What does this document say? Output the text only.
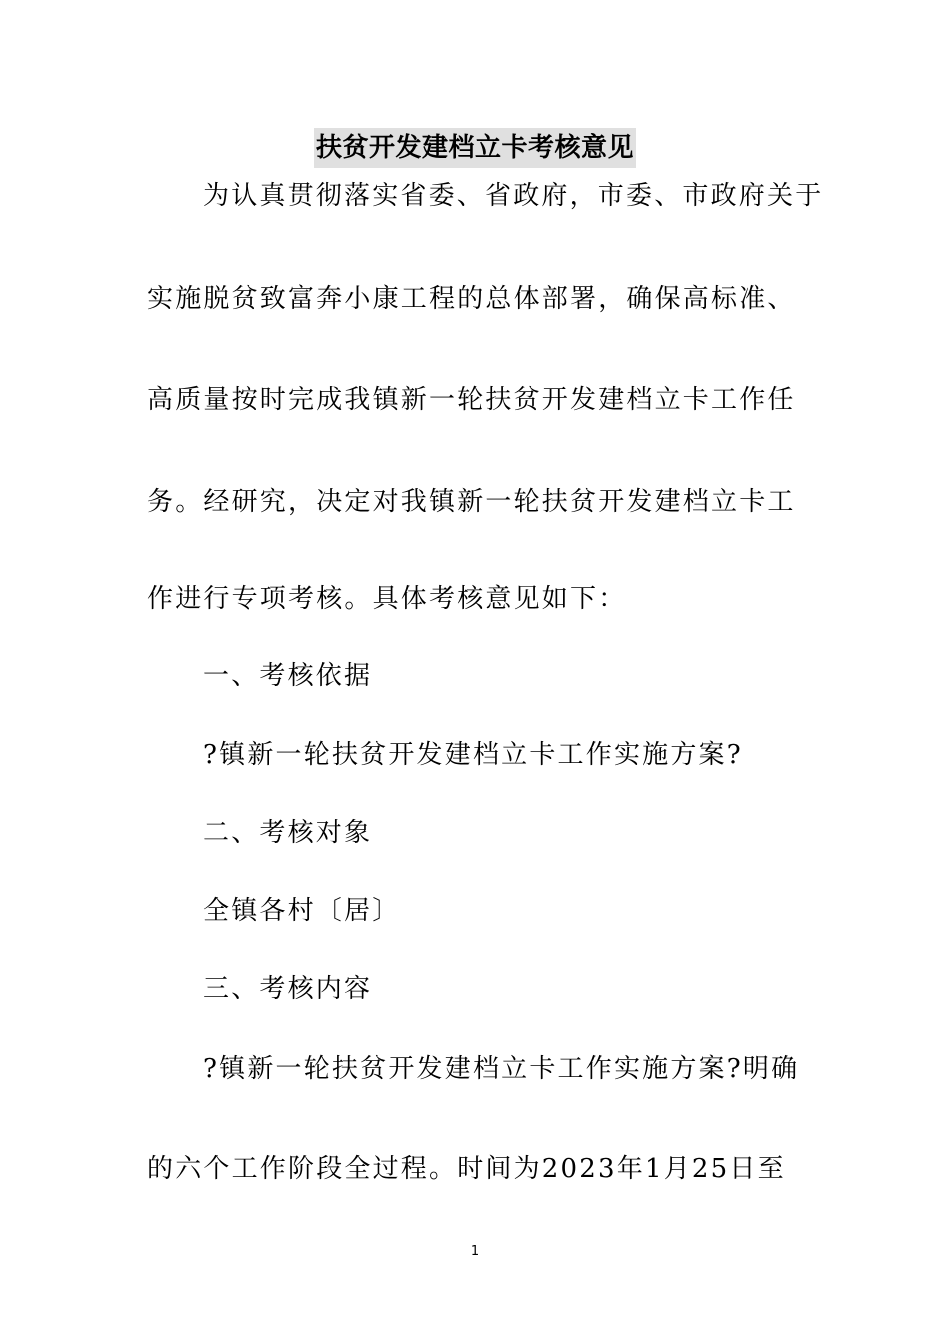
扶贫开发建档立卡考核意见
为认真贯彻落实省委、省政府，市委、市政府关于
实施脱贫致富奔小康工程的总体部署，确保高标准、
高质量按时完成我镇新一轮扶贫开发建档立卡工作任
务。经研究，决定对我镇新一轮扶贫开发建档立卡工
作进行专项考核。具体考核意见如下：
一、考核依据
?镇新一轮扶贫开发建档立卡工作实施方案?
二、考核对象
全镇各村〔居〕
三、考核内容
?镇新一轮扶贫开发建档立卡工作实施方案?明确
的六个工作阶段全过程。时间为2023年1月25日至
1
